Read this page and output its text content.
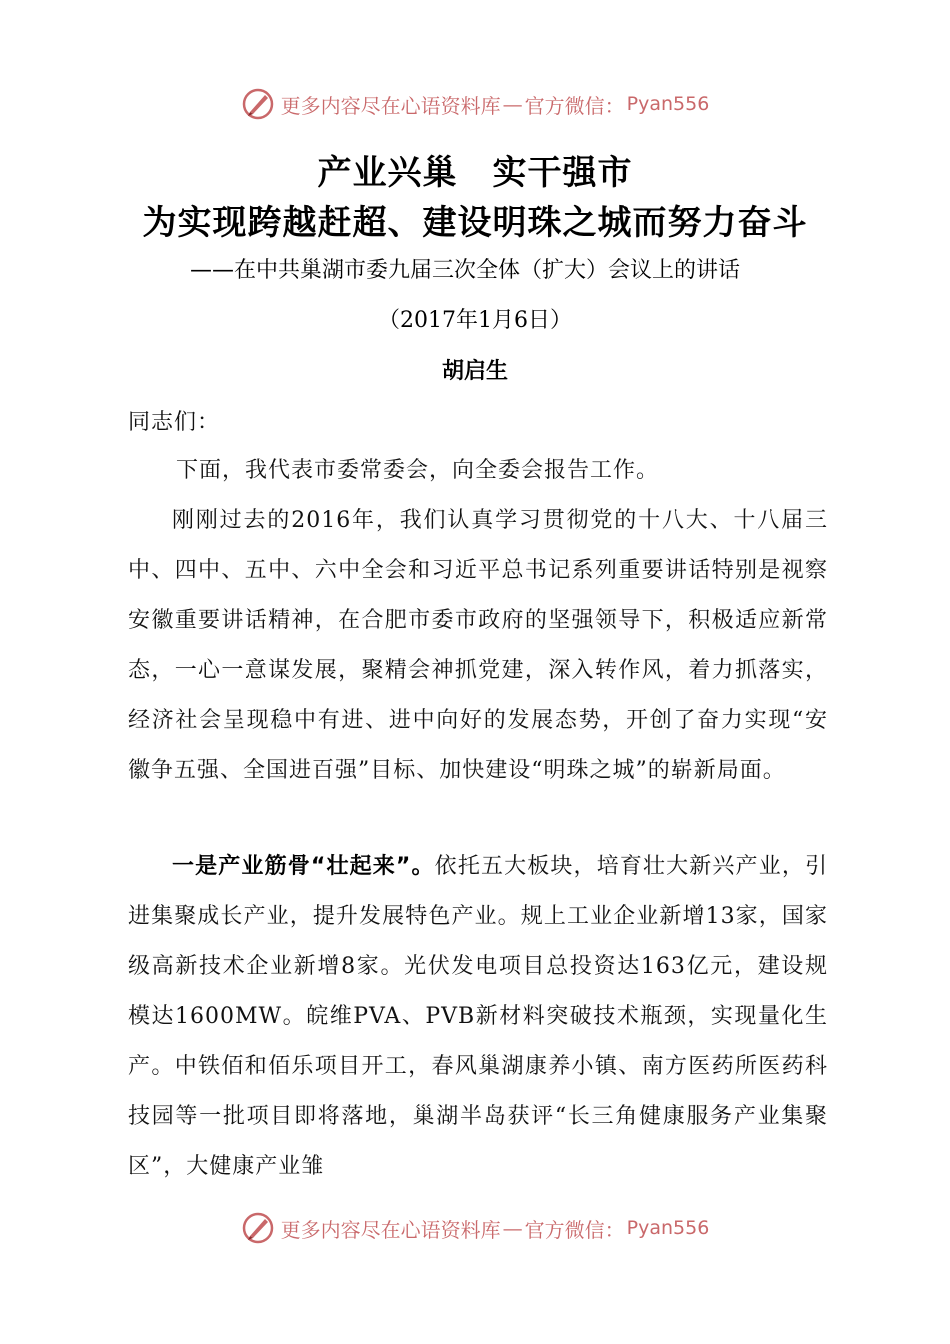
更多内容尽在心语资料库 — 官方微信： Pyan556
产业兴巢　实干强市
为实现跨越赶超、建设明珠之城而努力奋斗
——在中共巢湖市委九届三次全体（扩大）会议上的讲话
（2017年1月6日）
胡启生
同志们：
下面，我代表市委常委会，向全委会报告工作。
刚刚过去的2016年，我们认真学习贯彻党的十八大、十八届三中、四中、五中、六中全会和习近平总书记系列重要讲话特别是视察安徽重要讲话精神，在合肥市委市政府的坚强领导下，积极适应新常态，一心一意谋发展，聚精会神抓党建，深入转作风，着力抓落实，经济社会呈现稳中有进、进中向好的发展态势，开创了奋力实现“安徽争五强、全国进百强”目标、加快建设“明珠之城”的崭新局面。
一是产业筋骨“壮起来”。依托五大板块，培育壮大新兴产业，引进集聚成长产业，提升发展特色产业。规上工业企业新增13家，国家级高新技术企业新增8家。光伏发电项目总投资达163亿元，建设规模达1600MW。皖维PVA、PVB新材料突破技术瓶颈，实现量化生产。中铁佰和佰乐项目开工，春风巢湖康养小镇、南方医药所医药科技园等一批项目即将落地，巢湖半岛获评“长三角健康服务产业集聚区”，大健康产业雏
更多内容尽在心语资料库 — 官方微信： Pyan556
